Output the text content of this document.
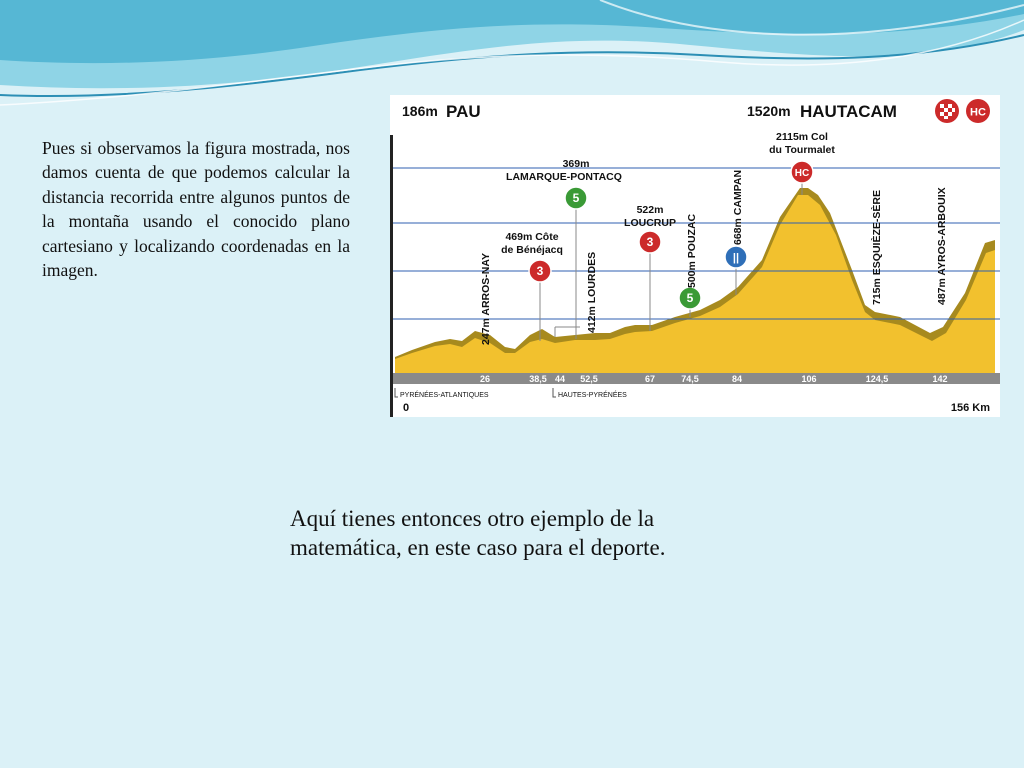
Pues si observamos la figura mostrada, nos damos cuenta de que podemos calcular la distancia recorrida entre algunos puntos de la montaña usando el conocido plano cartesiano y localizando coordenadas en la imagen.

186m PAU	1520m HAUTACAM	HC
2115m Col
du Tourmalet
HC
369m
LAMARQUE-PONTACQ
5
522m
LOUCRUP
3
469m Côte
de Bénéjacq
3
5
||
247m ARROS-NAY	412m LOURDES
500m POUZAC
668m CAMPAN	715m ESQUIÈZE-SÈRE	487m AYROS-ARBOUIX
26	38,5 44 52,5	67	74,5	84	106	124,5	142
PYRÉNÉES-ATLANTIQUES	HAUTES-PYRÉNÉES
0	156 Km

Aquí tienes entonces otro ejemplo de la matemática, en este caso para el deporte.
